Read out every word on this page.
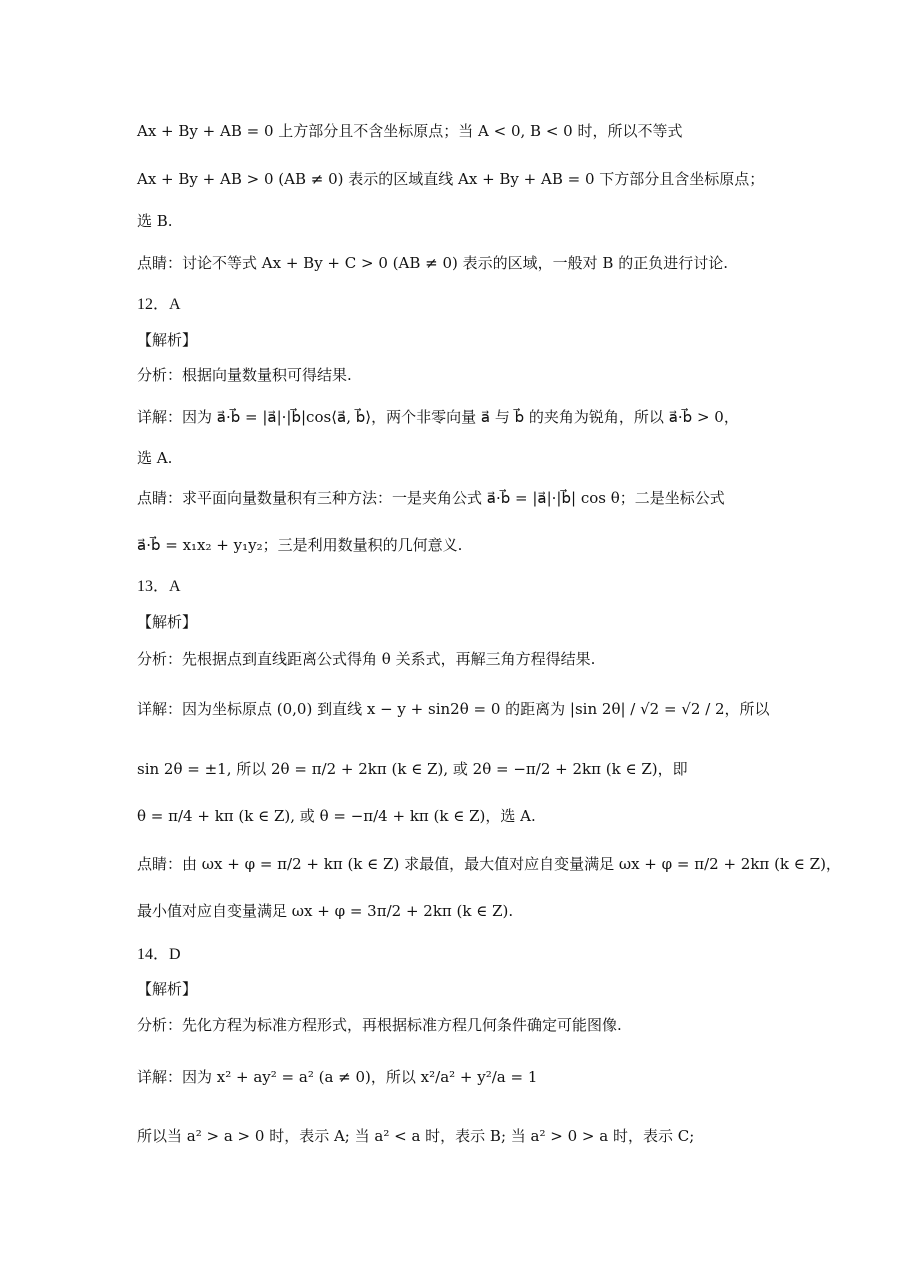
Ax + By + AB = 0 上方部分且不含坐标原点；当 A < 0, B < 0 时，所以不等式
Ax + By + AB > 0 (AB ≠ 0) 表示的区域直线 Ax + By + AB = 0 下方部分且含坐标原点；
选 B.
点睛：讨论不等式 Ax + By + C > 0 (AB ≠ 0) 表示的区域，一般对 B 的正负进行讨论.
12．A
【解析】
分析：根据向量数量积可得结果.
详解：因为 a⃗·b⃗ = |a⃗|·|b⃗|cos⟨a⃗, b⃗⟩，两个非零向量 a⃗ 与 b⃗ 的夹角为锐角，所以 a⃗·b⃗ > 0，
选 A.
点睛：求平面向量数量积有三种方法：一是夹角公式 a⃗·b⃗ = |a⃗|·|b⃗| cos θ；二是坐标公式
a⃗·b⃗ = x₁x₂ + y₁y₂；三是利用数量积的几何意义.
13．A
【解析】
分析：先根据点到直线距离公式得角 θ 关系式，再解三角方程得结果.
详解：因为坐标原点 (0,0) 到直线 x − y + sin2θ = 0 的距离为 |sin 2θ| / √2 = √2 / 2，所以
sin 2θ = ±1, 所以 2θ = π/2 + 2kπ (k ∈ Z), 或 2θ = −π/2 + 2kπ (k ∈ Z)，即
θ = π/4 + kπ (k ∈ Z), 或 θ = −π/4 + kπ (k ∈ Z)，选 A.
点睛：由 ωx + φ = π/2 + kπ (k ∈ Z) 求最值，最大值对应自变量满足 ωx + φ = π/2 + 2kπ (k ∈ Z)，
最小值对应自变量满足 ωx + φ = 3π/2 + 2kπ (k ∈ Z).
14．D
【解析】
分析：先化方程为标准方程形式，再根据标准方程几何条件确定可能图像.
详解：因为 x² + ay² = a² (a ≠ 0)，所以 x²/a² + y²/a = 1
所以当 a² > a > 0 时，表示 A; 当 a² < a 时，表示 B; 当 a² > 0 > a 时，表示 C;
